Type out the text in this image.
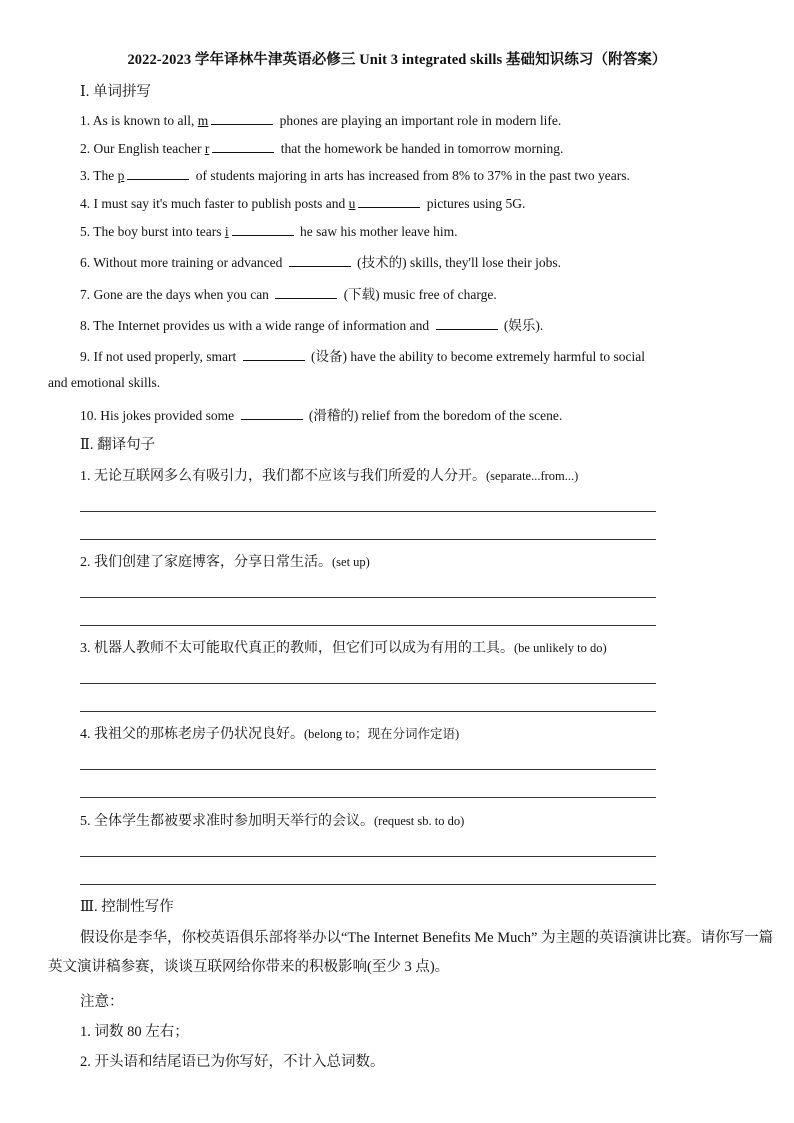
2022-2023 学年译林牛津英语必修三 Unit 3 integrated skills 基础知识练习（附答案）
Ⅰ. 单词拼写
1. As is known to all, m	phones are playing an important role in modern life.
2. Our English teacher r	that the homework be handed in tomorrow morning.
3. The p	of students majoring in arts has increased from 8% to 37% in the past two years.
4. I must say it's much faster to publish posts and u	pictures using 5G.
5. The boy burst into tears i	he saw his mother leave him.
6. Without more training or advanced	(技术的) skills, they'll lose their jobs.
7. Gone are the days when you can	(下载) music free of charge.
8. The Internet provides us with a wide range of information and	(娱乐).
9. If not used properly, smart	(设备) have the ability to become extremely harmful to social
and emotional skills.
10. His jokes provided some	(滑稽的) relief from the boredom of the scene.
Ⅱ. 翻译句子
1. 无论互联网多么有吸引力，我们都不应该与我们所爱的人分开。(separate...from...)
2. 我们创建了家庭博客，分享日常生活。(set up)
3. 机器人教师不太可能取代真正的教师，但它们可以成为有用的工具。(be unlikely to do)
4. 我祖父的那栋老房子仍状况良好。(belong to；现在分词作定语)
5. 全体学生都被要求准时参加明天举行的会议。(request sb. to do)
Ⅲ. 控制性写作
假设你是李华，你校英语俱乐部将举办以“The Internet Benefits Me Much” 为主题的英语演讲比赛。请你写一篇英文演讲稿参赛，谈谈互联网给你带来的积极影响(至少 3 点)。
注意：
1. 词数 80 左右；
2. 开头语和结尾语已为你写好，不计入总词数。
